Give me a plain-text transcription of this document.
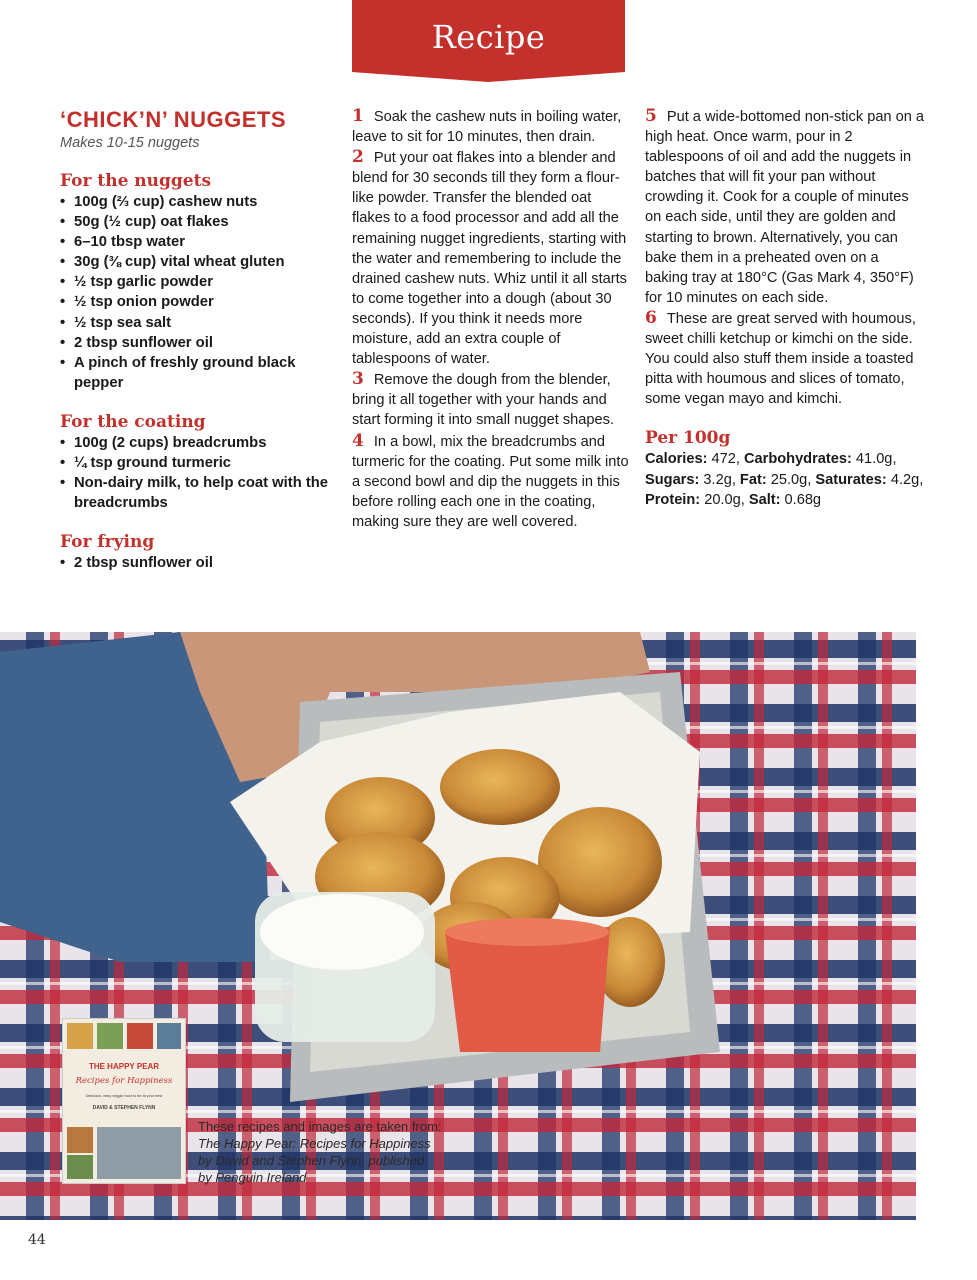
Recipe
‘CHICK’N’ NUGGETS

Makes 10-15 nuggets

For the nuggets
• 100g (⅔ cup) cashew nuts
• 50g (½ cup) oat flakes
• 6–10 tbsp water
• 30g (⅜ cup) vital wheat gluten
• ½ tsp garlic powder
• ½ tsp onion powder
• ½ tsp sea salt
• 2 tbsp sunflower oil
• A pinch of freshly ground black pepper
For the coating
• 100g (2 cups) breadcrumbs
• ¼ tsp ground turmeric
• Non-dairy milk, to help coat with the breadcrumbs
For frying
• 2 tbsp sunflower oil

1 Soak the cashew nuts in boiling water, leave to sit for 10 minutes, then drain.

2 Put your oat flakes into a blender and blend for 30 seconds till they form a flour-like powder. Transfer the blended oat flakes to a food processor and add all the remaining nugget ingredients, starting with the water and remembering to include the drained cashew nuts. Whiz until it all starts to come together into a dough (about 30 seconds). If you think it needs more moisture, add an extra couple of tablespoons of water.

3 Remove the dough from the blender, bring it all together with your hands and start forming it into small nugget shapes.

4 In a bowl, mix the breadcrumbs and turmeric for the coating. Put some milk into a second bowl and dip the nuggets in this before rolling each one in the coating, making sure they are well covered.

5 Put a wide-bottomed non-stick pan on a high heat. Once warm, pour in 2 tablespoons of oil and add the nuggets in batches that will fit your pan without crowding it. Cook for a couple of minutes on each side, until they are golden and starting to brown. Alternatively, you can bake them in a preheated oven on a baking tray at 180°C (Gas Mark 4, 350°F) for 10 minutes on each side.

6 These are great served with houmous, sweet chilli ketchup or kimchi on the side. You could also stuff them inside a toasted pitta with houmous and slices of tomato, some vegan mayo and kimchi.

Per 100g

Calories: 472, Carbohydrates: 41.0g, Sugars: 3.2g, Fat: 25.0g, Saturates: 4.2g, Protein: 20.0g, Salt: 0.68g

THE HAPPY PEAR
Recipes for Happiness
Delicious, easy veggie food to be at your best
DAVID & STEPHEN FLYNN
These recipes and images are taken from:
The Happy Pear: Recipes for Happiness
by David and Stephen Flynn, published
by Penguin Ireland
44
